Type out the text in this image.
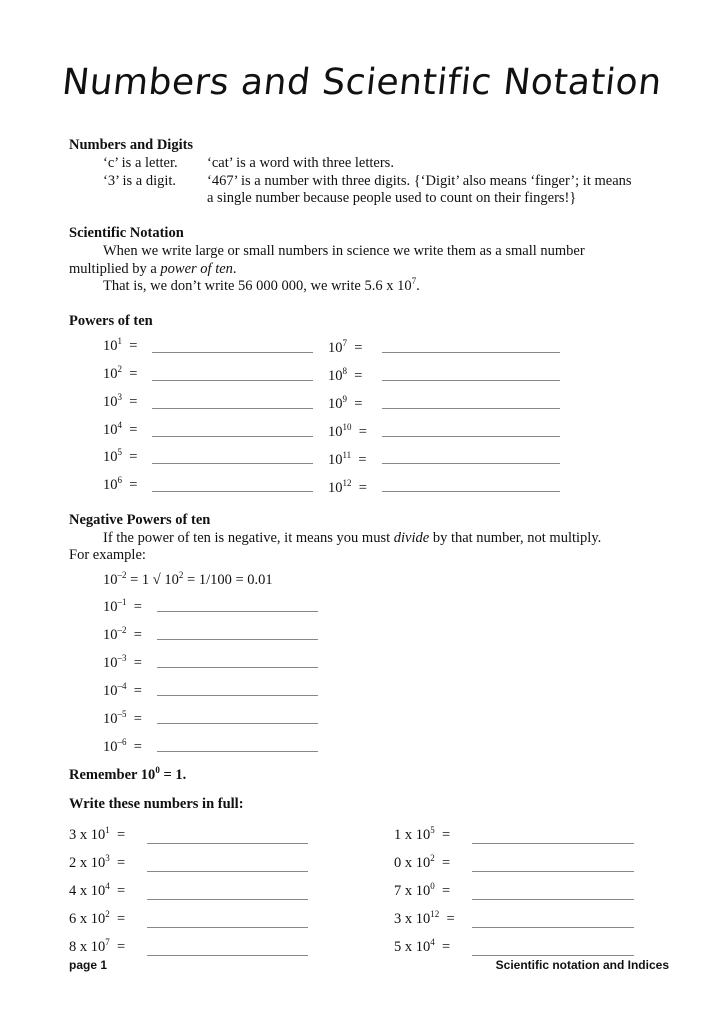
Numbers and Scientific Notation
Numbers and Digits
‘c’ is a letter. ‘cat’ is a word with three letters.
‘3’ is a digit. ‘467’ is a number with three digits. {‘Digit’ also means ‘finger’; it means
a single number because people used to count on their fingers!}
Scientific Notation
When we write large or small numbers in science we write them as a small number
multiplied by a power of ten.
That is, we don’t write 56 000 000, we write 5.6 x $10^7$.
Powers of ten
$10^1$ =
$10^2$ =
$10^3$ =
$10^4$ =
$10^5$ =
$10^6$ =
$10^7$ =
$10^8$ =
$10^9$ =
$10^{10}$ =
$10^{11}$ =
$10^{12}$ =
Negative Powers of ten
If the power of ten is negative, it means you must divide by that number, not multiply.
For example:
$10^{-2} = 1$ √ $10^2 = 1/100 = 0.01$
$10^{-1}$ =
$10^{-2}$ =
$10^{-3}$ =
$10^{-4}$ =
$10^{-5}$ =
$10^{-6}$ =
Remember $10^0 = 1$.
Write these numbers in full:
3 x $10^1$ =
2 x $10^3$ =
4 x $10^4$ =
6 x $10^2$ =
8 x $10^7$ =
1 x $10^5$ =
0 x $10^2$ =
7 x $10^0$ =
3 x $10^{12}$ =
5 x $10^4$ =
page 1	Scientific notation and Indices
